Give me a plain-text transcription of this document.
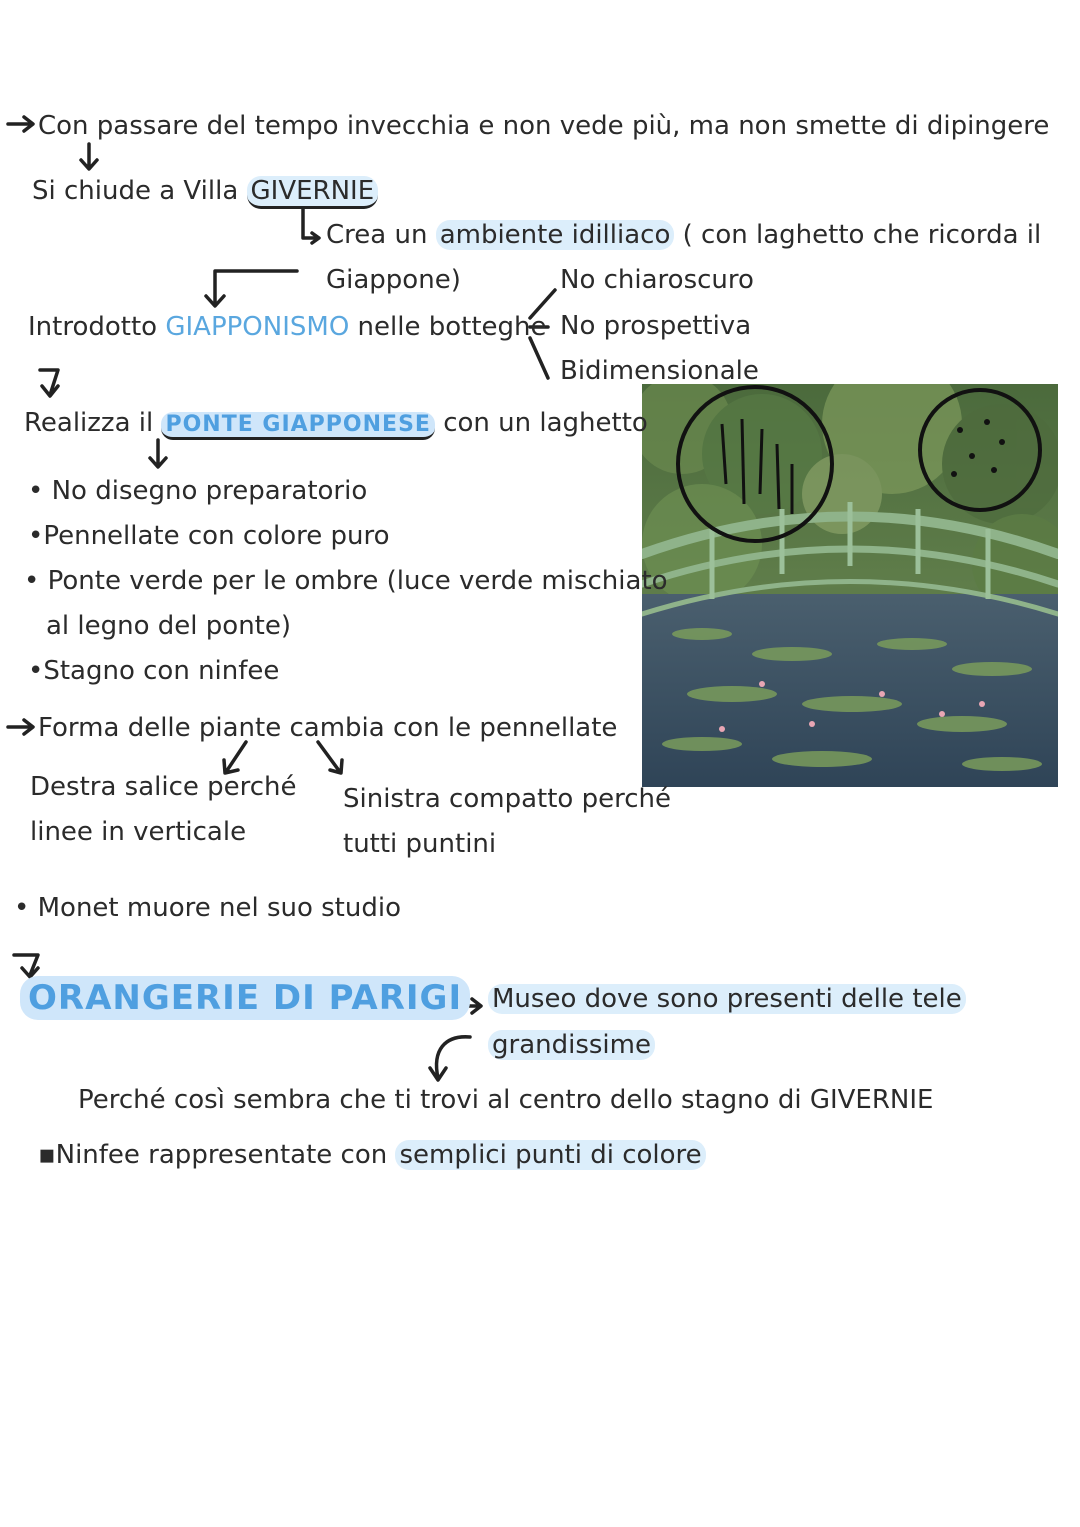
Con passare del tempo invecchia e non vede più, ma non smette di dipingere
Si chiude a Villa GIVERNIE
Crea un ambiente idilliaco ( con laghetto che ricorda il
Giappone)
Introdotto GIAPPONISMO nelle botteghe
No chiaroscuro
No prospettiva
Bidimensionale
Realizza il PONTE GIAPPONESE con un laghetto
• No disegno preparatorio
•Pennellate con colore puro
• Ponte verde per le ombre (luce verde mischiato
al legno del ponte)
•Stagno con ninfee
Forma delle piante cambia con le pennellate
Destra salice perché
linee in verticale
Sinistra compatto perché
tutti puntini
• Monet muore nel suo studio
ORANGERIE DI PARIGI	Museo dove sono presenti delle tele
grandissime
Perché così sembra che ti trovi al centro dello stagno di GIVERNIE
▪Ninfee rappresentate con semplici punti di colore
